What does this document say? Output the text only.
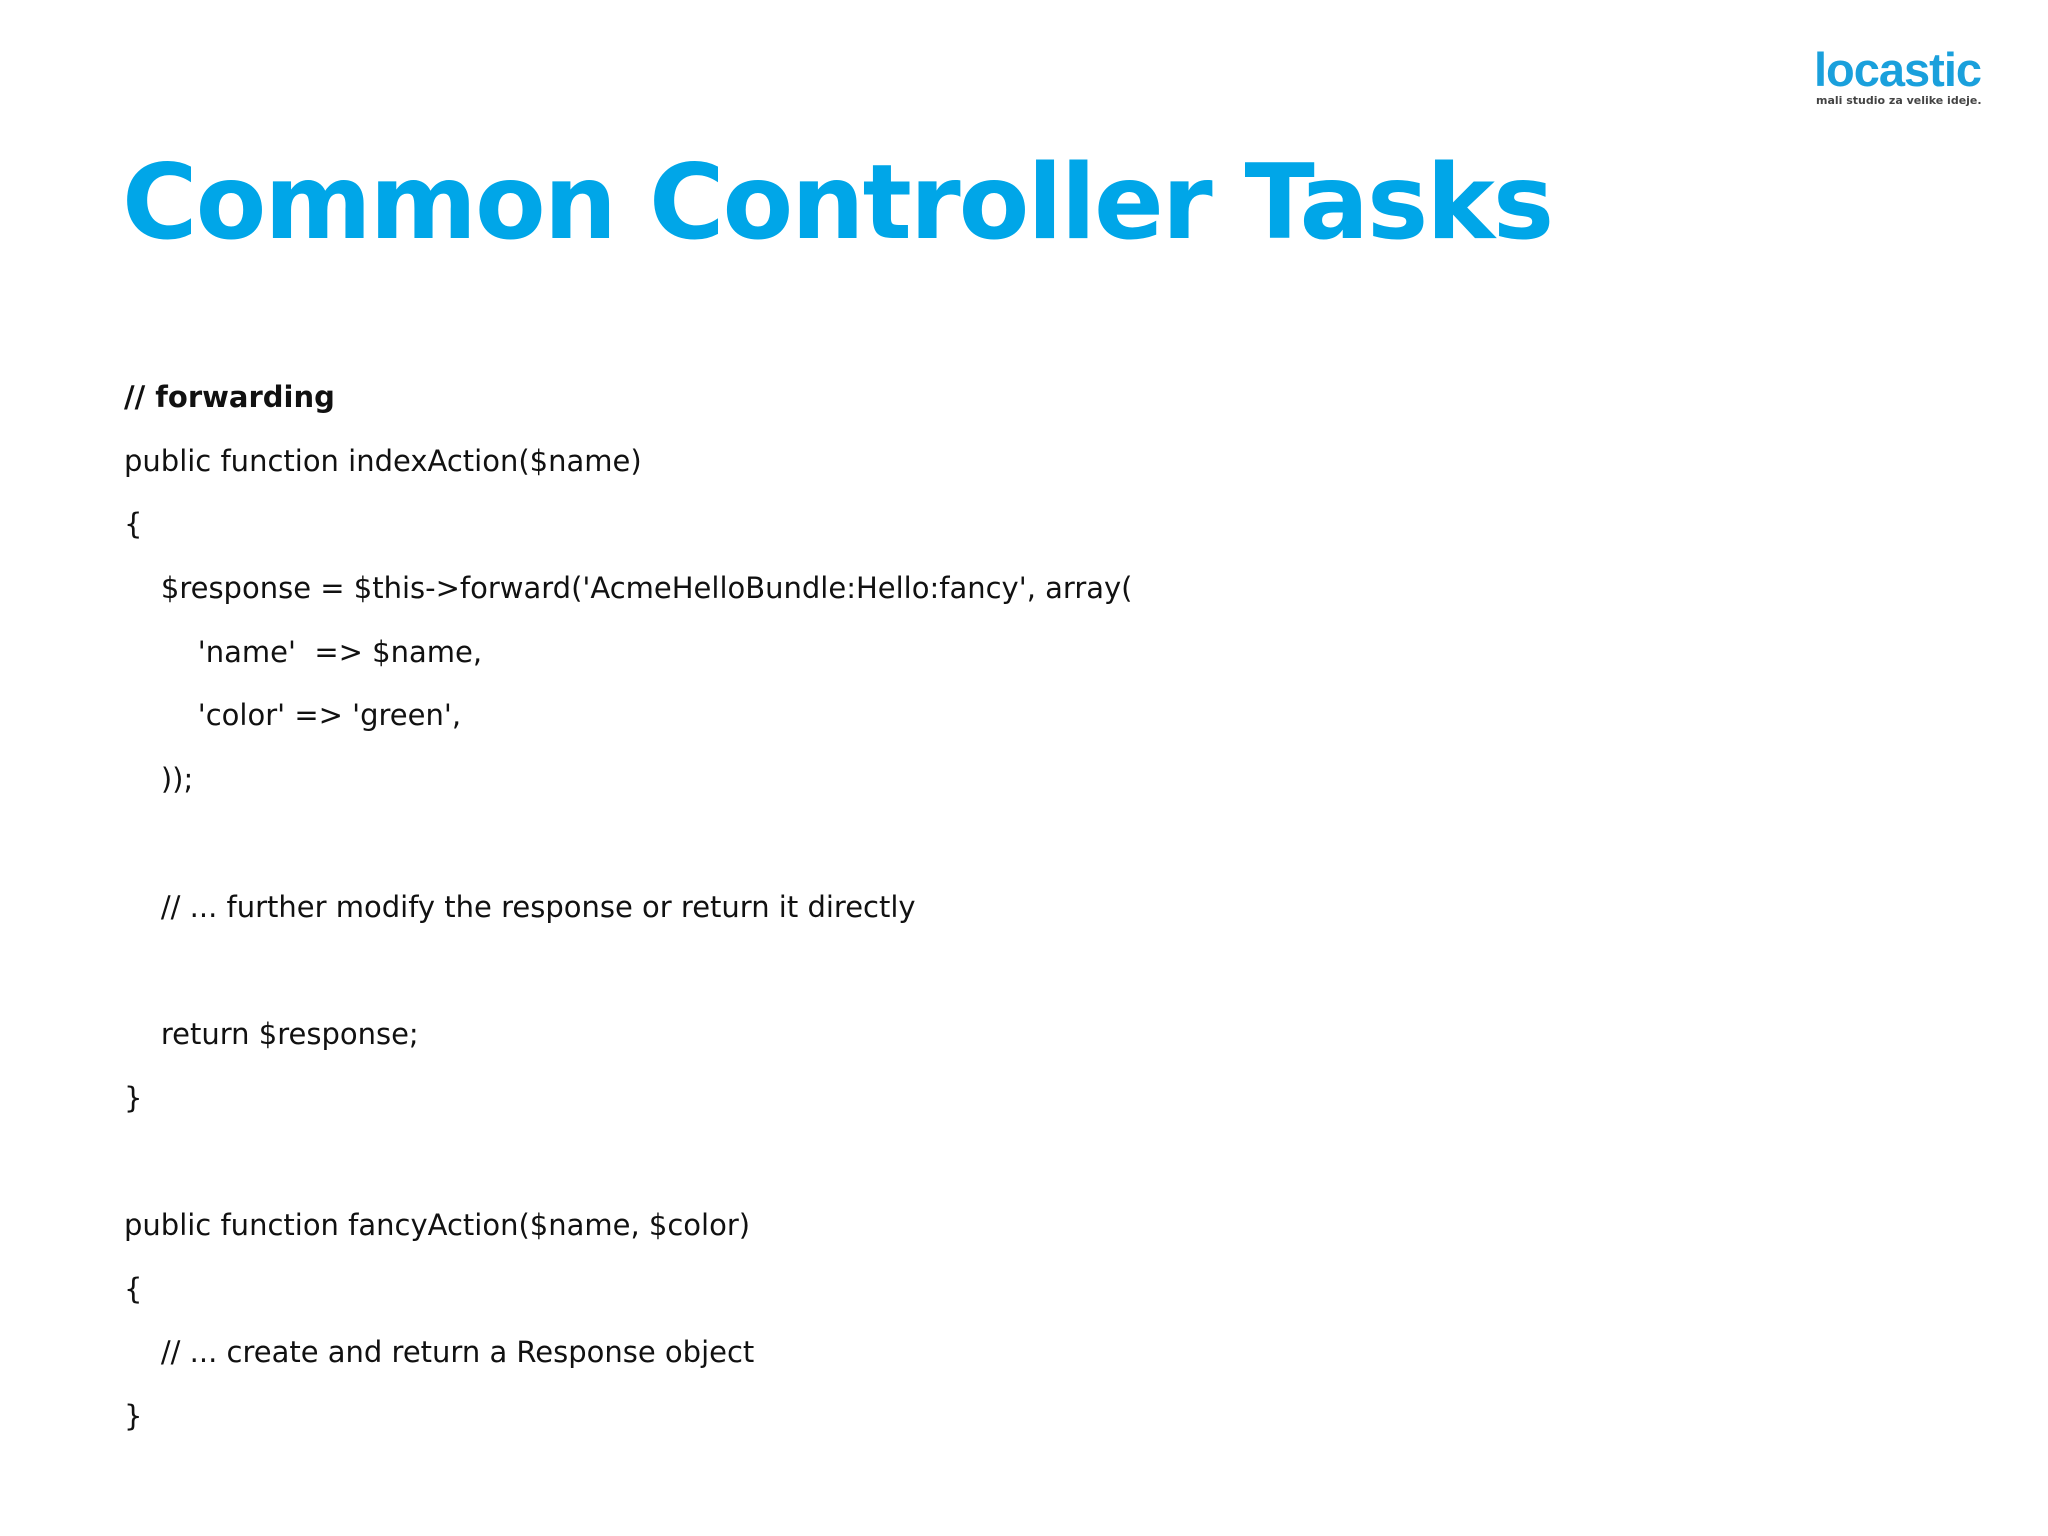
locastic
mali studio za velike ideje.
Common Controller Tasks
// forwarding
public function indexAction($name)
{
$response = $this->forward('AcmeHelloBundle:Hello:fancy', array(
'name'  => $name,
'color' => 'green',
));
// ... further modify the response or return it directly
return $response;
}
public function fancyAction($name, $color)
{
// ... create and return a Response object
}
